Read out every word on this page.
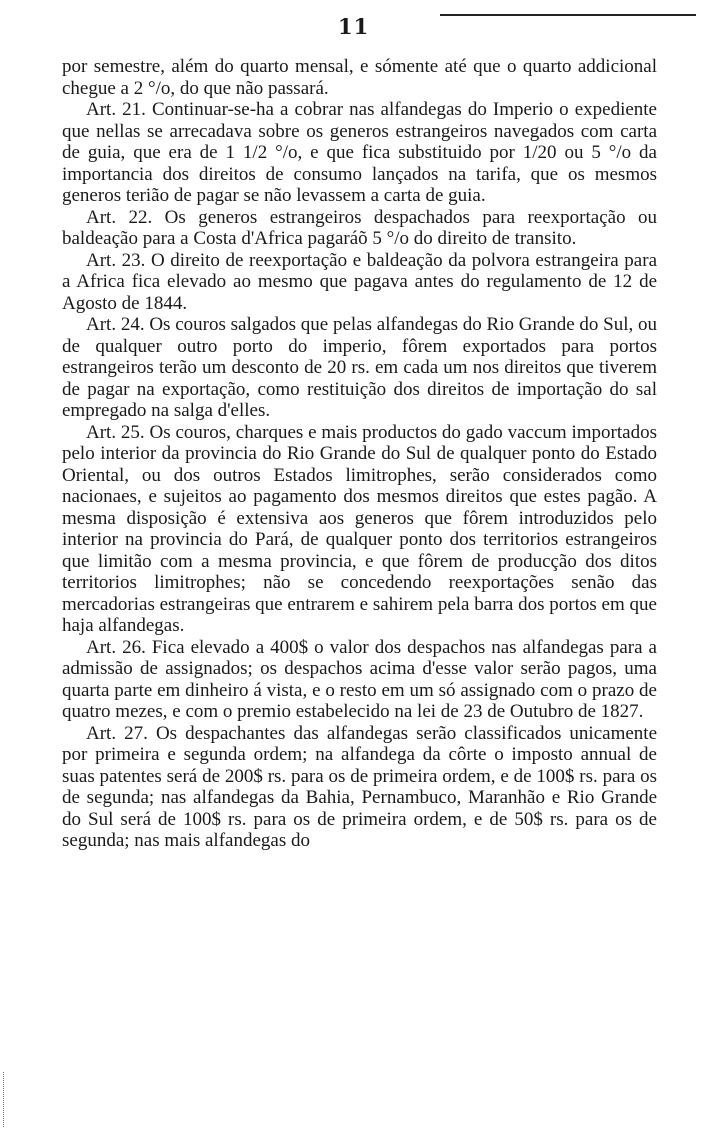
11

por semestre, além do quarto mensal, e sómente até que o quarto addicional chegue a 2 °/o, do que não passará.

Art. 21. Continuar-se-ha a cobrar nas alfandegas do Imperio o expediente que nellas se arrecadava sobre os generos estrangeiros navegados com carta de guia, que era de 1 1/2 °/o, e que fica substituido por 1/20 ou 5 °/o da importancia dos direitos de consumo lançados na tarifa, que os mesmos generos terião de pagar se não levassem a carta de guia.

Art. 22. Os generos estrangeiros despachados para reexportação ou baldeação para a Costa d'Africa pagaráõ 5 °/o do direito de transito.

Art. 23. O direito de reexportação e baldeação da polvora estrangeira para a Africa fica elevado ao mesmo que pagava antes do regulamento de 12 de Agosto de 1844.

Art. 24. Os couros salgados que pelas alfandegas do Rio Grande do Sul, ou de qualquer outro porto do imperio, fôrem exportados para portos estrangeiros terão um desconto de 20 rs. em cada um nos direitos que tiverem de pagar na exportação, como restituição dos direitos de importação do sal empregado na salga d'elles.

Art. 25. Os couros, charques e mais productos do gado vaccum importados pelo interior da provincia do Rio Grande do Sul de qualquer ponto do Estado Oriental, ou dos outros Estados limitrophes, serão considerados como nacionaes, e sujeitos ao pagamento dos mesmos direitos que estes pagão. A mesma disposição é extensiva aos generos que fôrem introduzidos pelo interior na provincia do Pará, de qualquer ponto dos territorios estrangeiros que limitão com a mesma provincia, e que fôrem de producção dos ditos territorios limitrophes; não se concedendo reexportações senão das mercadorias estrangeiras que entrarem e sahirem pela barra dos portos em que haja alfandegas.

Art. 26. Fica elevado a 400$ o valor dos despachos nas alfandegas para a admissão de assignados; os despachos acima d'esse valor serão pagos, uma quarta parte em dinheiro á vista, e o resto em um só assignado com o prazo de quatro mezes, e com o premio estabelecido na lei de 23 de Outubro de 1827.

Art. 27. Os despachantes das alfandegas serão classificados unicamente por primeira e segunda ordem; na alfandega da côrte o imposto annual de suas patentes será de 200$ rs. para os de primeira ordem, e de 100$ rs. para os de segunda; nas alfandegas da Bahia, Pernambuco, Maranhão e Rio Grande do Sul será de 100$ rs. para os de primeira ordem, e de 50$ rs. para os de segunda; nas mais alfandegas do
